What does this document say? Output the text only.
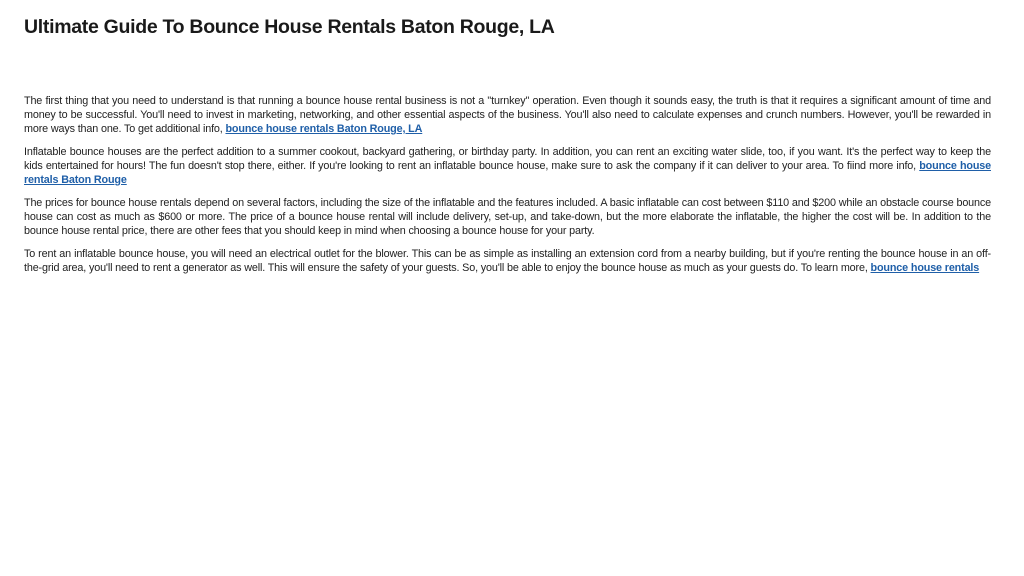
Ultimate Guide To Bounce House Rentals Baton Rouge, LA

The first thing that you need to understand is that running a bounce house rental business is not a "turnkey" operation. Even though it sounds easy, the truth is that it requires a significant amount of time and money to be successful. You'll need to invest in marketing, networking, and other essential aspects of the business. You'll also need to calculate expenses and crunch numbers. However, you'll be rewarded in more ways than one. To get additional info, bounce house rentals Baton Rouge, LA

Inflatable bounce houses are the perfect addition to a summer cookout, backyard gathering, or birthday party. In addition, you can rent an exciting water slide, too, if you want. It's the perfect way to keep the kids entertained for hours! The fun doesn't stop there, either. If you're looking to rent an inflatable bounce house, make sure to ask the company if it can deliver to your area. To fiind more info, bounce house rentals Baton Rouge

The prices for bounce house rentals depend on several factors, including the size of the inflatable and the features included. A basic inflatable can cost between $110 and $200 while an obstacle course bounce house can cost as much as $600 or more. The price of a bounce house rental will include delivery, set-up, and take-down, but the more elaborate the inflatable, the higher the cost will be. In addition to the bounce house rental price, there are other fees that you should keep in mind when choosing a bounce house for your party.

To rent an inflatable bounce house, you will need an electrical outlet for the blower. This can be as simple as installing an extension cord from a nearby building, but if you're renting the bounce house in an off-the-grid area, you'll need to rent a generator as well. This will ensure the safety of your guests. So, you'll be able to enjoy the bounce house as much as your guests do. To learn more, bounce house rentals
